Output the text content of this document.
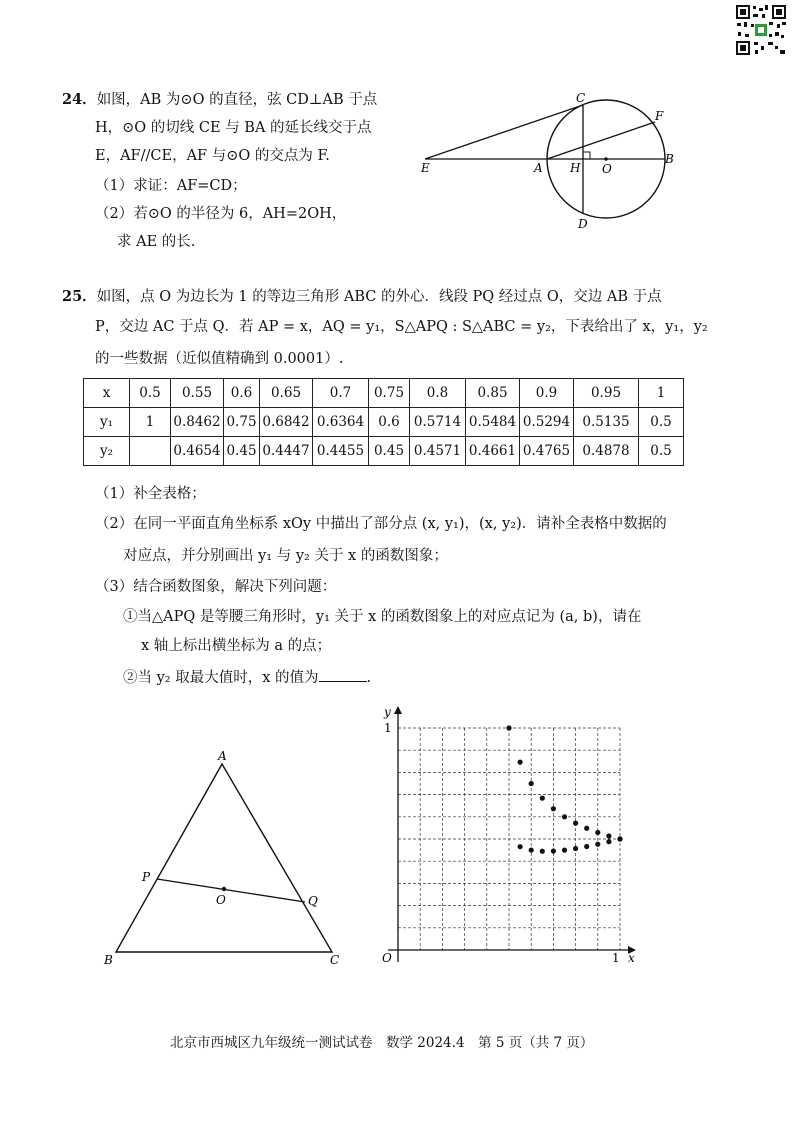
24．如图，AB 为⊙O 的直径，弦 CD⊥AB 于点
H，⊙O 的切线 CE 与 BA 的延长线交于点
E，AF//CE，AF 与⊙O 的交点为 F.
（1）求证：AF=CD；
（2）若⊙O 的半径为 6，AH=2OH，
求 AE 的长.
C
F
E	A H O
B
D
25．如图，点 O 为边长为 1 的等边三角形 ABC 的外心．线段 PQ 经过点 O，交边 AB 于点
P，交边 AC 于点 Q．若 AP = x，AQ = y₁，S△APQ : S△ABC = y₂，下表给出了 x，y₁，y₂
的一些数据（近似值精确到 0.0001）.
x	0.5	0.55	0.6	0.65	0.7	0.75	0.8	0.85	0.9	0.95	1
y₁	1	0.8462	0.75	0.6842	0.6364	0.6	0.5714	0.5484	0.5294	0.5135	0.5
y₂		0.4654	0.45	0.4447	0.4455	0.45	0.4571	0.4661	0.4765	0.4878	0.5
（1）补全表格；
（2）在同一平面直角坐标系 xOy 中描出了部分点 (x, y₁)，(x, y₂)．请补全表格中数据的
对应点，并分别画出 y₁ 与 y₂ 关于 x 的函数图象；
（3）结合函数图象，解决下列问题：
①当△APQ 是等腰三角形时，y₁ 关于 x 的函数图象上的对应点记为 (a, b)，请在
x 轴上标出横坐标为 a 的点；
②当 y₂ 取最大值时，x 的值为	.
A
B	C
P
Q
O
x
y
O	1
1
北京市西城区九年级统一测试试卷　数学 2024.4　第 5 页（共 7 页）
